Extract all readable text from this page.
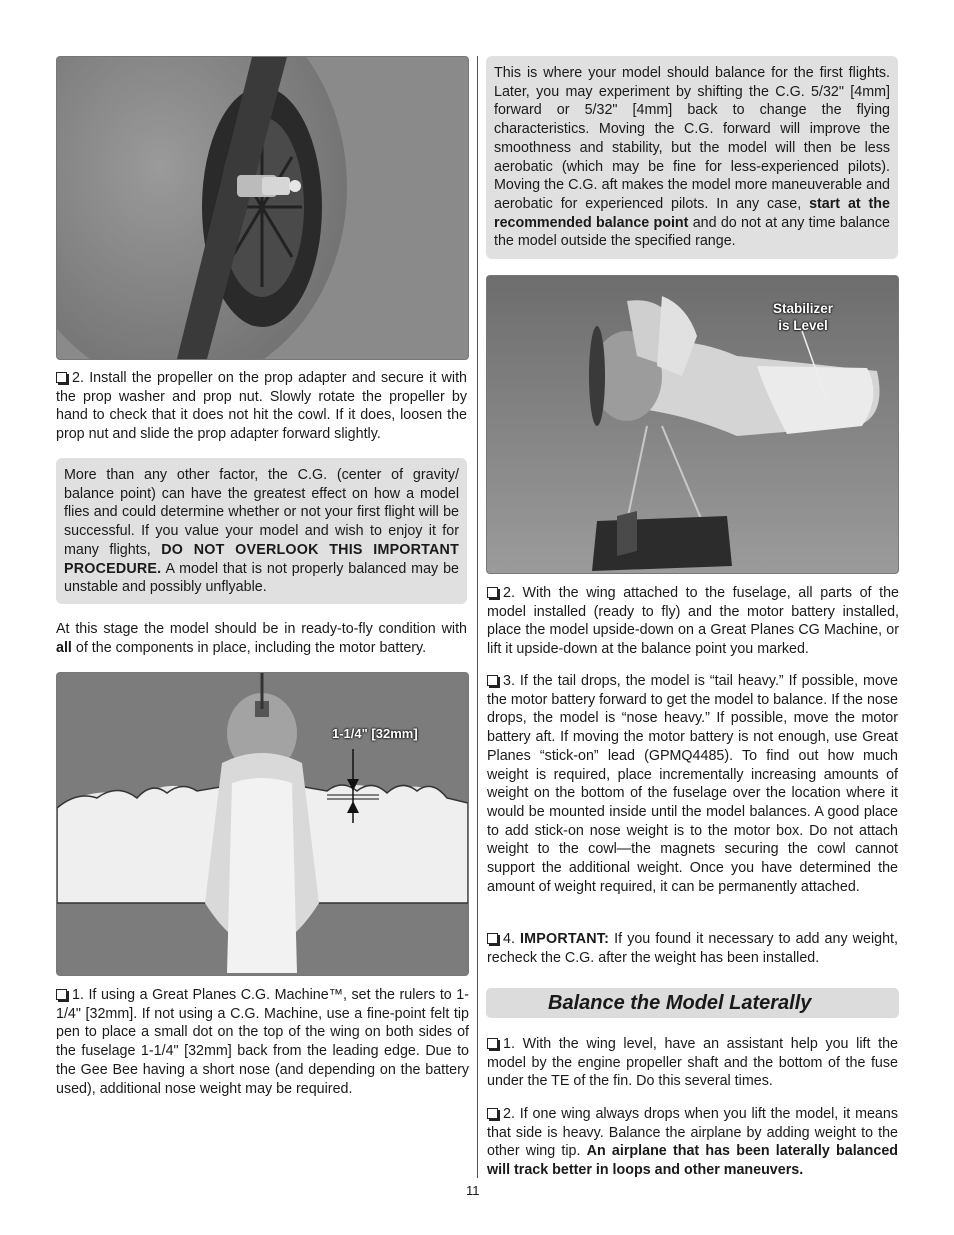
2. Install the propeller on the prop adapter and secure it with the prop washer and prop nut. Slowly rotate the propeller by hand to check that it does not hit the cowl. If it does, loosen the prop nut and slide the prop adapter forward slightly.

More than any other factor, the C.G. (center of gravity/ balance point) can have the greatest effect on how a model flies and could determine whether or not your first flight will be successful. If you value your model and wish to enjoy it for many flights, DO NOT OVERLOOK THIS IMPORTANT PROCEDURE. A model that is not properly balanced may be unstable and possibly unflyable.

At this stage the model should be in ready-to-fly condition with all of the components in place, including the motor battery.

1-1/4" [32mm]

1. If using a Great Planes C.G. Machine™, set the rulers to 1-1/4" [32mm]. If not using a C.G. Machine, use a fine-point felt tip pen to place a small dot on the top of the wing on both sides of the fuselage 1-1/4" [32mm] back from the leading edge. Due to the Gee Bee having a short nose (and depending on the battery used), additional nose weight may be required.

This is where your model should balance for the first flights. Later, you may experiment by shifting the C.G. 5/32" [4mm] forward or 5/32" [4mm] back to change the flying characteristics. Moving the C.G. forward will improve the smoothness and stability, but the model will then be less aerobatic (which may be fine for less-experienced pilots). Moving the C.G. aft makes the model more maneuverable and aerobatic for experienced pilots. In any case, start at the recommended balance point and do not at any time balance the model outside the specified range.
Stabilizer
is Level

2. With the wing attached to the fuselage, all parts of the model installed (ready to fly) and the motor battery installed, place the model upside-down on a Great Planes CG Machine, or lift it upside-down at the balance point you marked.

3. If the tail drops, the model is “tail heavy.” If possible, move the motor battery forward to get the model to balance. If the nose drops, the model is “nose heavy.” If possible, move the motor battery aft. If moving the motor battery is not enough, use Great Planes “stick-on” lead (GPMQ4485). To find out how much weight is required, place incrementally increasing amounts of weight on the bottom of the fuselage over the location where it would be mounted inside until the model balances. A good place to add stick-on nose weight is to the motor box. Do not attach weight to the cowl—the magnets securing the cowl cannot support the additional weight. Once you have determined the amount of weight required, it can be permanently attached.

4. IMPORTANT: If you found it necessary to add any weight, recheck the C.G. after the weight has been installed.

Balance the Model Laterally

1. With the wing level, have an assistant help you lift the model by the engine propeller shaft and the bottom of the fuse under the TE of the fin. Do this several times.

2. If one wing always drops when you lift the model, it means that side is heavy. Balance the airplane by adding weight to the other wing tip. An airplane that has been laterally balanced will track better in loops and other maneuvers.

11
